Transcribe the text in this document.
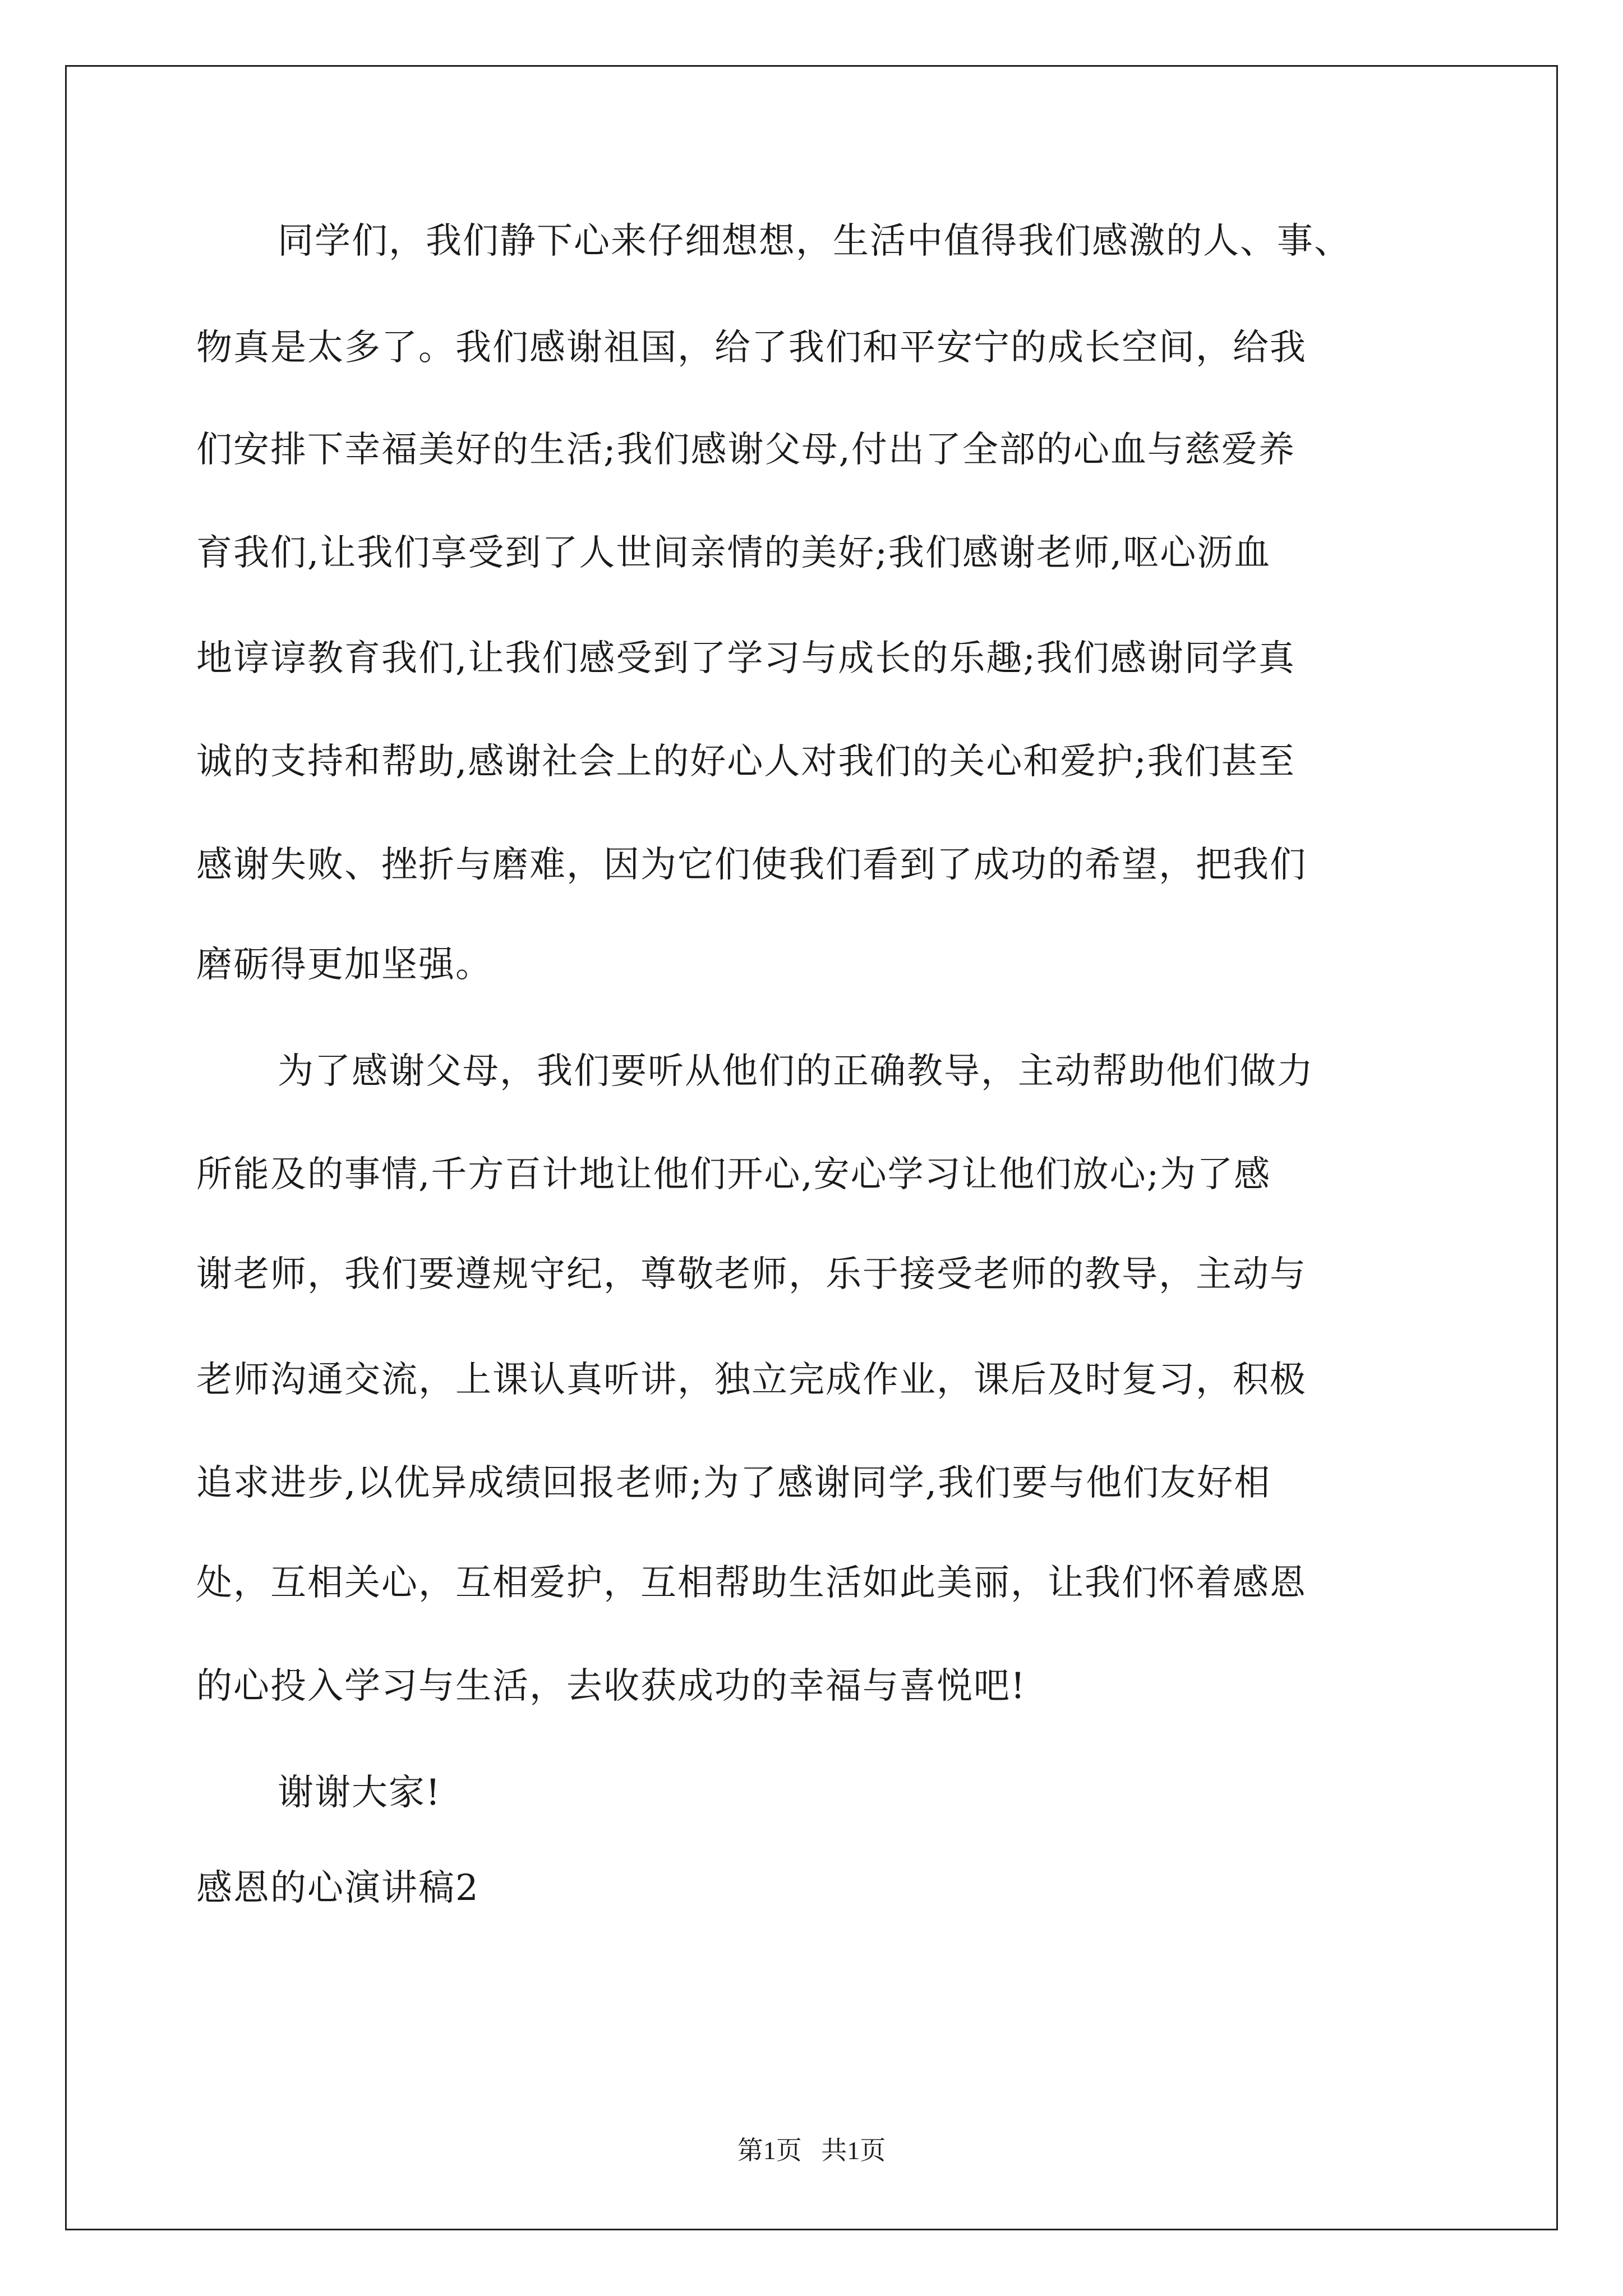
同学们，我们静下心来仔细想想，生活中值得我们感激的人、事、
物真是太多了。我们感谢祖国，给了我们和平安宁的成长空间，给我
们安排下幸福美好的生活;我们感谢父母,付出了全部的心血与慈爱养
育我们,让我们享受到了人世间亲情的美好;我们感谢老师,呕心沥血
地谆谆教育我们,让我们感受到了学习与成长的乐趣;我们感谢同学真
诚的支持和帮助,感谢社会上的好心人对我们的关心和爱护;我们甚至
感谢失败、挫折与磨难，因为它们使我们看到了成功的希望，把我们
磨砺得更加坚强。
为了感谢父母，我们要听从他们的正确教导，主动帮助他们做力
所能及的事情,千方百计地让他们开心,安心学习让他们放心;为了感
谢老师，我们要遵规守纪，尊敬老师，乐于接受老师的教导，主动与
老师沟通交流，上课认真听讲，独立完成作业，课后及时复习，积极
追求进步,以优异成绩回报老师;为了感谢同学,我们要与他们友好相
处，互相关心，互相爱护，互相帮助生活如此美丽，让我们怀着感恩
的心投入学习与生活，去收获成功的幸福与喜悦吧!
谢谢大家!
感恩的心演讲稿2
第1页   共1页
